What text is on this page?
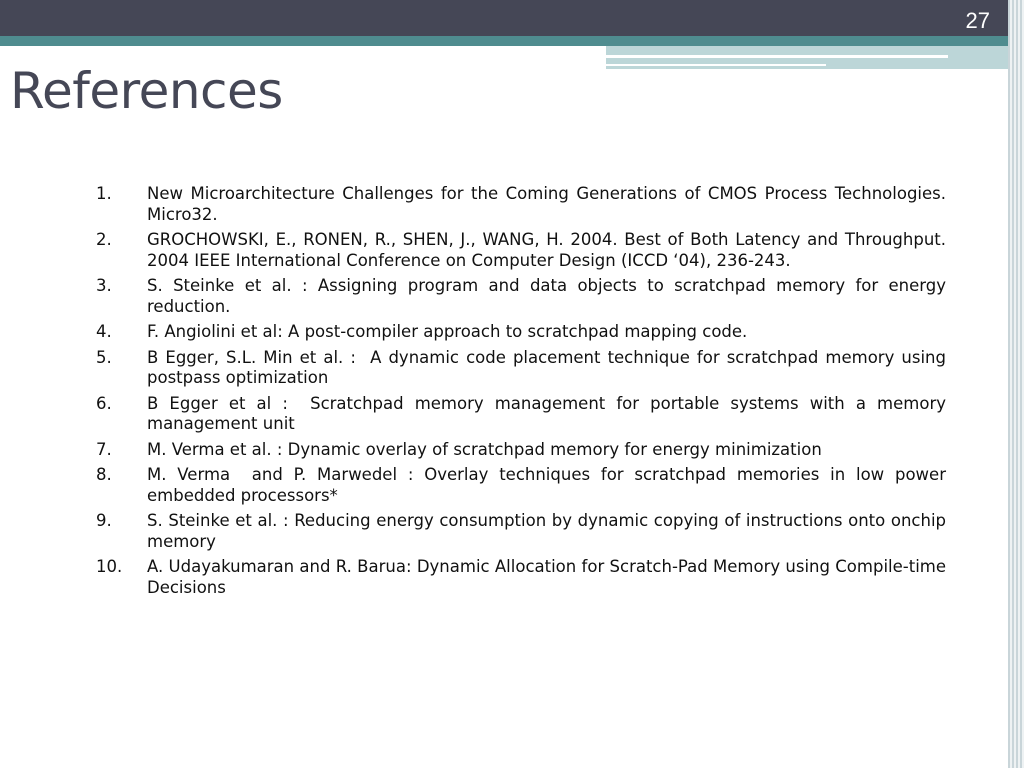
27
References
1.	New Microarchitecture Challenges for the Coming Generations of CMOS Process Technologies. Micro32.
2.	GROCHOWSKI, E., RONEN, R., SHEN, J., WANG, H. 2004. Best of Both Latency and Throughput. 2004 IEEE International Conference on Computer Design (ICCD ‘04), 236-243.
3.	S. Steinke et al. : Assigning program and data objects to scratchpad memory for energy reduction.
4.	F. Angiolini et al: A post-compiler approach to scratchpad mapping code.
5.	B Egger, S.L. Min et al. :  A dynamic code placement technique for scratchpad memory using postpass optimization
6.	B Egger et al :  Scratchpad memory management for portable systems with a memory management unit
7.	M. Verma et al. : Dynamic overlay of scratchpad memory for energy minimization
8.	M. Verma  and P. Marwedel : Overlay techniques for scratchpad memories in low power embedded processors*
9.	S. Steinke et al. : Reducing energy consumption by dynamic copying of instructions onto onchip memory
10.	A. Udayakumaran and R. Barua: Dynamic Allocation for Scratch-Pad Memory using Compile-time Decisions
